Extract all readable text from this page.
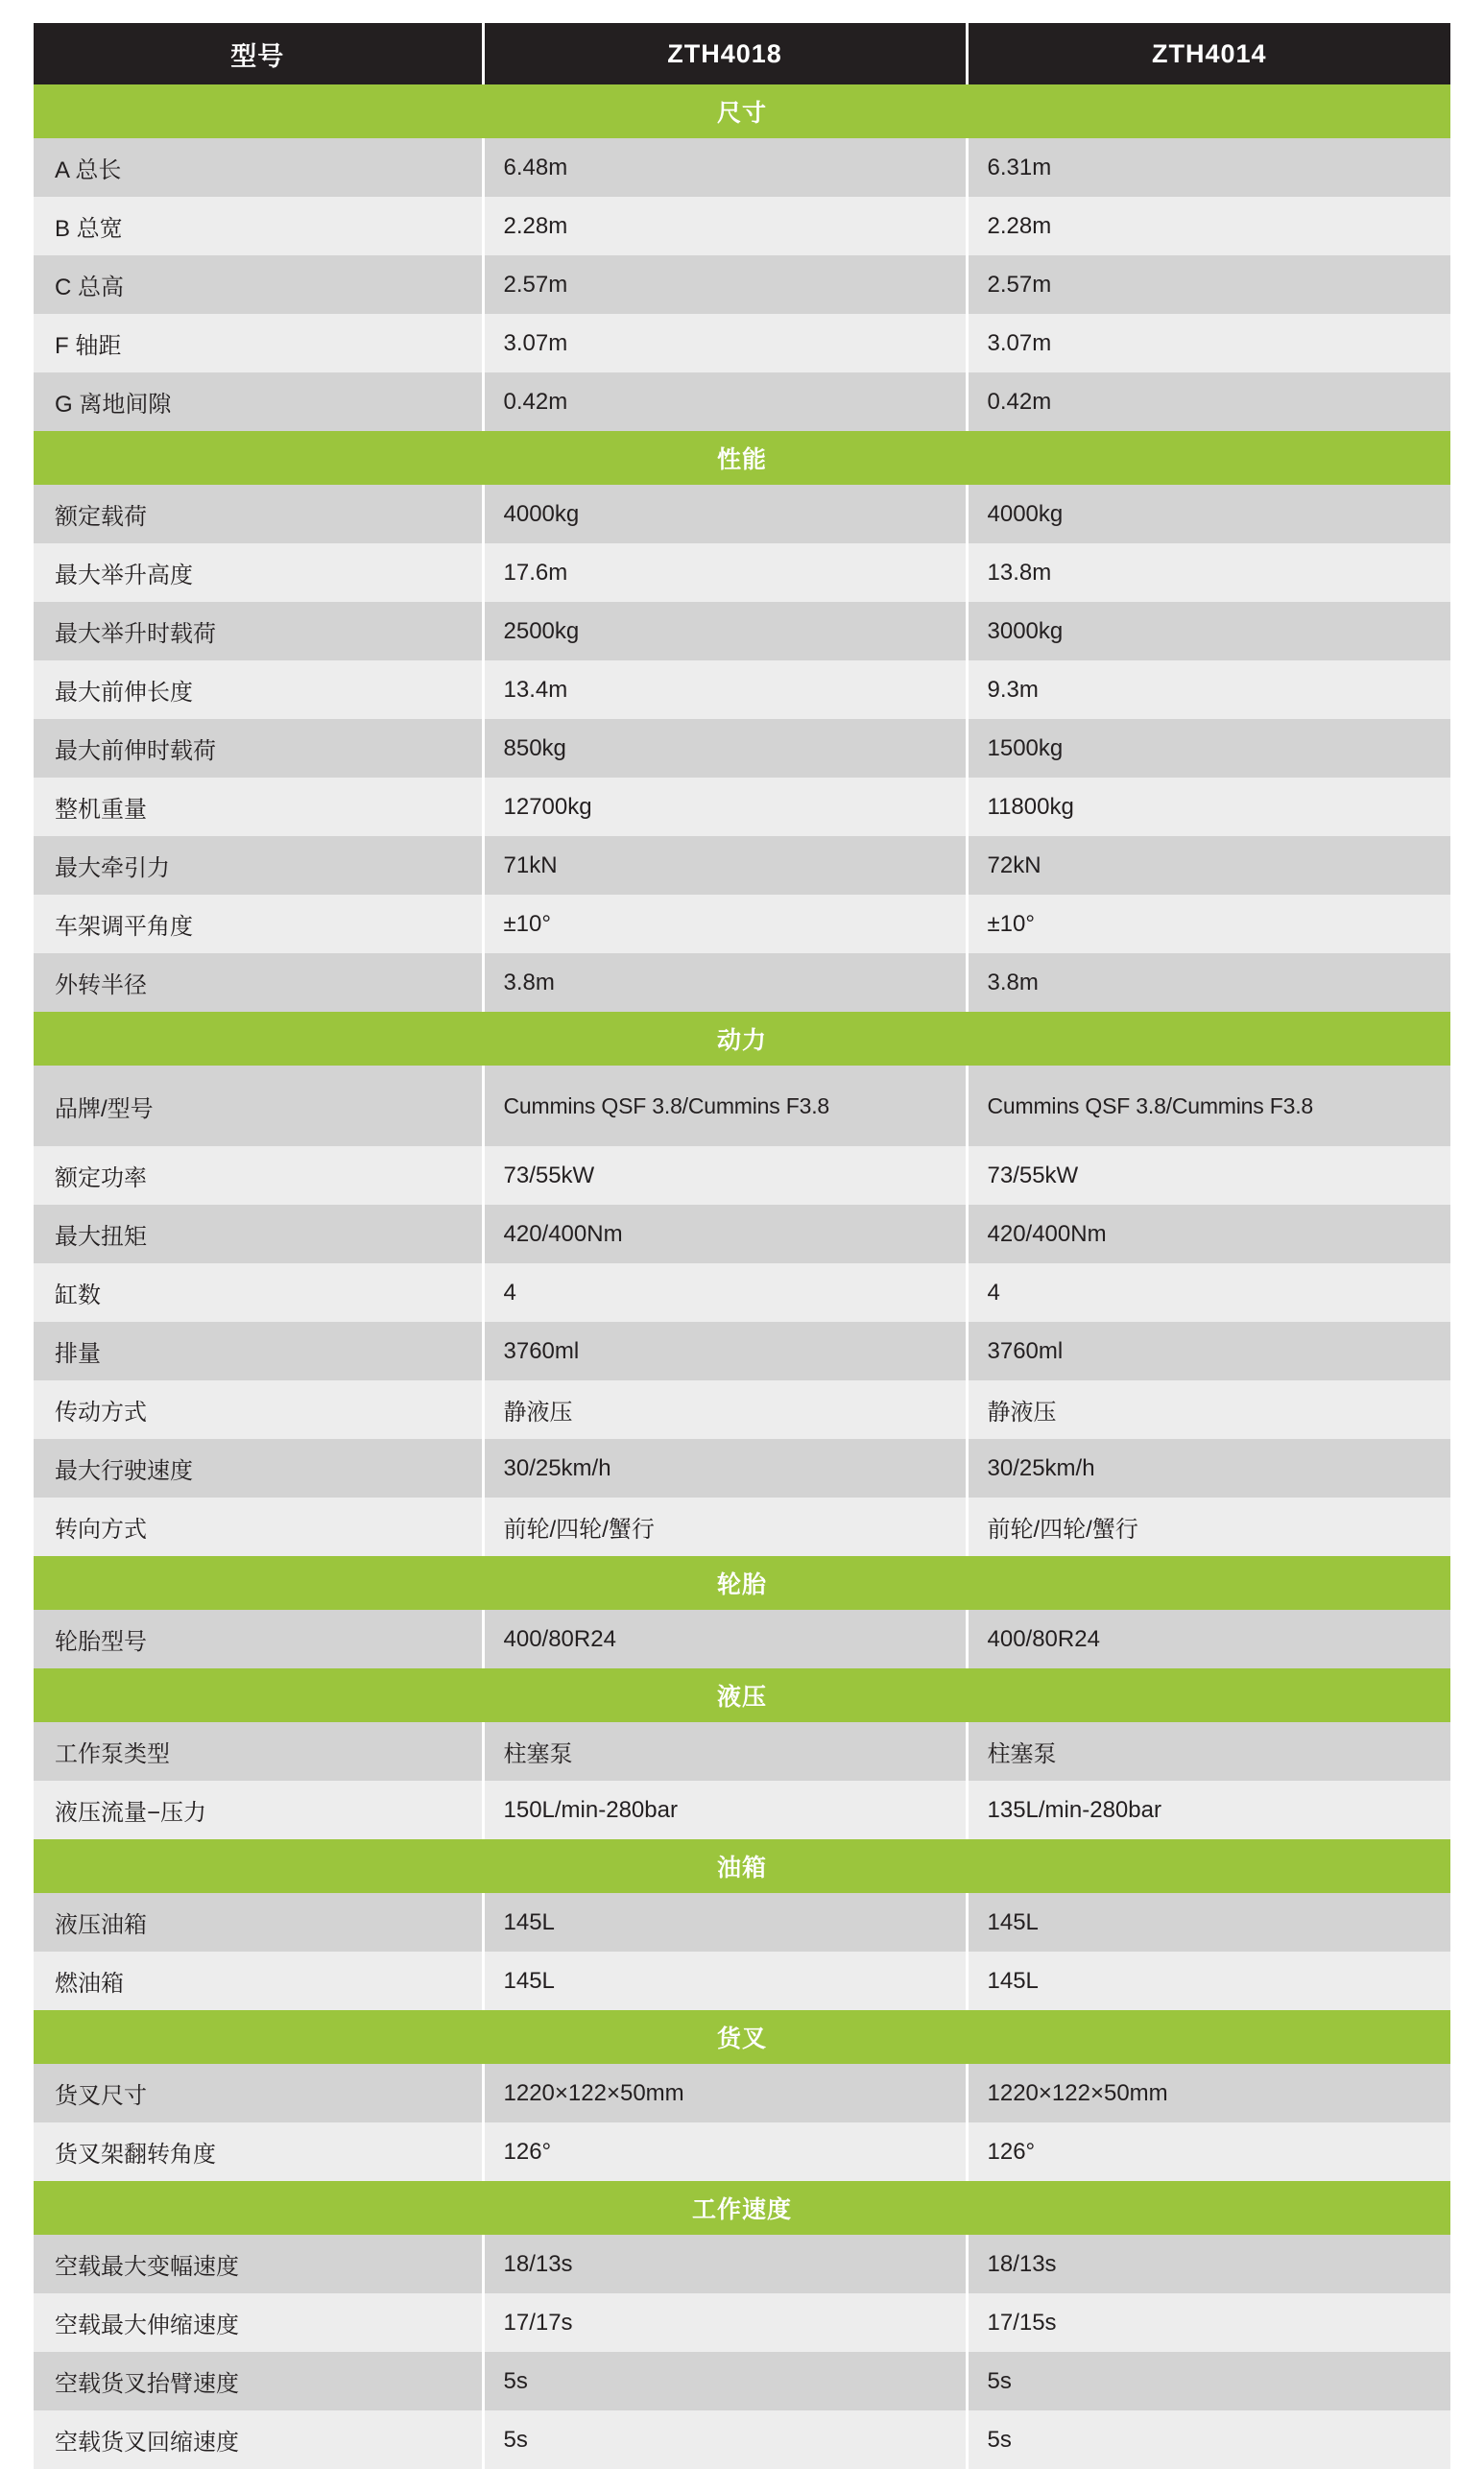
型号	ZTH4018	ZTH4014
尺寸		
A 总长	6.48m	6.31m
B 总宽	2.28m	2.28m
C 总高	2.57m	2.57m
F 轴距	3.07m	3.07m
G 离地间隙	0.42m	0.42m
性能		
额定载荷	4000kg	4000kg
最大举升高度	17.6m	13.8m
最大举升时载荷	2500kg	3000kg
最大前伸长度	13.4m	9.3m
最大前伸时载荷	850kg	1500kg
整机重量	12700kg	11800kg
最大牵引力	71kN	72kN
车架调平角度	±10°	±10°
外转半径	3.8m	3.8m
动力		
品牌/型号	Cummins QSF 3.8/Cummins F3.8	Cummins QSF 3.8/Cummins F3.8
额定功率	73/55kW	73/55kW
最大扭矩	420/400Nm	420/400Nm
缸数	4	4
排量	3760ml	3760ml
传动方式	静液压	静液压
最大行驶速度	30/25km/h	30/25km/h
转向方式	前轮/四轮/蟹行	前轮/四轮/蟹行
轮胎		
轮胎型号	400/80R24	400/80R24
液压		
工作泵类型	柱塞泵	柱塞泵
液压流量−压力	150L/min-280bar	135L/min-280bar
油箱		
液压油箱	145L	145L
燃油箱	145L	145L
货叉		
货叉尺寸	1220×122×50mm	1220×122×50mm
货叉架翻转角度	126°	126°
工作速度		
空载最大变幅速度	18/13s	18/13s
空载最大伸缩速度	17/17s	17/15s
空载货叉抬臂速度	5s	5s
空载货叉回缩速度	5s	5s
